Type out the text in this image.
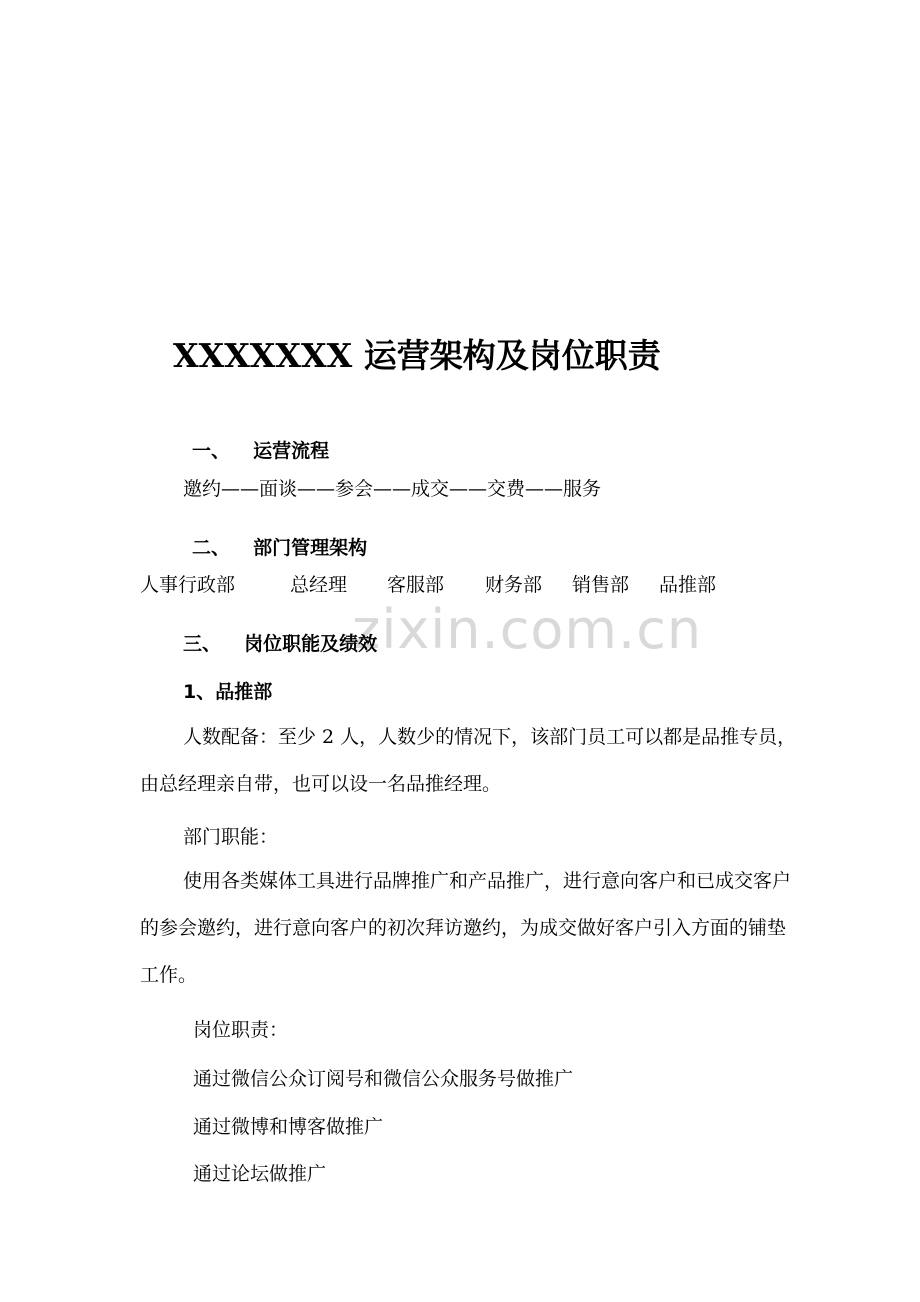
zixin.com.cn
XXXXXXX 运营架构及岗位职责
一、 运营流程
邀约——面谈——参会——成交——交费——服务
二、 部门管理架构
人事行政部	总经理	客服部	财务部	销售部	品推部
三、 岗位职能及绩效
1、品推部
人数配备：至少 2 人，人数少的情况下，该部门员工可以都是品推专员，由总经理亲自带，也可以设一名品推经理。
部门职能：
使用各类媒体工具进行品牌推广和产品推广，进行意向客户和已成交客户的参会邀约，进行意向客户的初次拜访邀约，为成交做好客户引入方面的铺垫工作。
岗位职责：
通过微信公众订阅号和微信公众服务号做推广
通过微博和博客做推广
通过论坛做推广
